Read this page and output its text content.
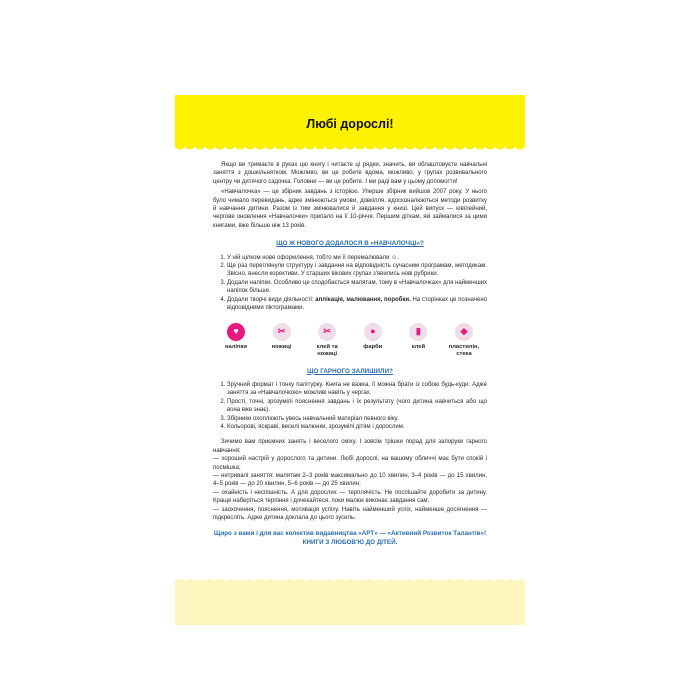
Любі дорослі!

Якщо ви тримаєте в руках цю книгу і читаєте ці рядки, значить, ви облаштовуєте навчальні заняття з дошкільнятком. Можливо, ви це робите вдома, можливо, у групах розвивального центру чи дитячого садочка. Головне — ви це робите. І ми раді вам у цьому допомогти!

«Навчалочка» — це збірник завдань з історією. Уперше збірник вийшов 2007 року. У нього було чимало перевидань, адже змінюються умови, довкілля, вдосконалюються методи розвитку й навчання дитини. Разом із тим змінювалися й завдання у книзі. Цей випуск — ювілейний, чергове оновлення «Навчалочки» припало на її 10-річчя. Першим діткам, які займалися за цими книгами, вже більше ніж 13 років.

ЩО Ж НОВОГО ДОДАЛОСЯ В «НАВЧАЛОЧЦІ»?
1. У ній цілком нове оформлення, тобто ми її перемалювали ☺.
2. Ще раз переглянули структуру і завдання на відповідність сучасним програмам, методикам. Звісно, внесли корективи. У старших вікових групах з'явились нові рубрики.
3. Додали наліпки. Особливо це сподобається малятам, тому в «Навчалочках» для найменших наліпок більше.
4. Додали творчі види діяльності: аплікація, малювання, поробки. На сторінках це позначено відповідними піктограмами.
♥
наліпки
✂
ножиці
✂
клей та ножиці
●
фарби
▮
клей
◆
пластилін, стека
ЩО ГАРНОГО ЗАЛИШИЛИ?
1. Зручний формат і тонку палітурку. Книга не важка, її можна брати із собою будь-куди. Адже заняття за «Навчалочкою» можливі навіть у чергах.
2. Прості, точні, зрозумілі пояснення завдань і їх результату (чого дитина навчиться або що вона вже знає).
3. Збірники охоплюють увесь навчальний матеріал певного віку.
4. Кольорові, яскраві, веселі малюнки, зрозумілі дітям і дорослим.

Зичимо вам приємних занять і веселого сміху. І зовсім трішки порад для запоруки гарного навчання:

— хороший настрій у дорослого та дитини. Любі дорослі, на вашому обличчі має бути спокій і посмішка;

— нетривалі заняття: малятам 2–3 років максимально до 10 хвилин, 3–4 років — до 15 хвилин, 4–5 років — до 20 хвилин, 5–6 років — до 25 хвилин;

— охайність і неспішність. А для дорослих — терплячість. Не поспішайте доробити за дитину. Краще наберіться терпіння і дочекайтеся, поки малюк виконає завдання сам;

— заохочення, пояснення, мотивація успіху. Навіть найменший успіх, найменше досягнення — підкресліть. Адже дитина доклала до цього зусиль.

Щиро з вами і для вас колектив видавництва «АРТ» — «Активний Розвиток Талантів»!
КНИГИ З ЛЮБОВ'Ю ДО ДІТЕЙ.
